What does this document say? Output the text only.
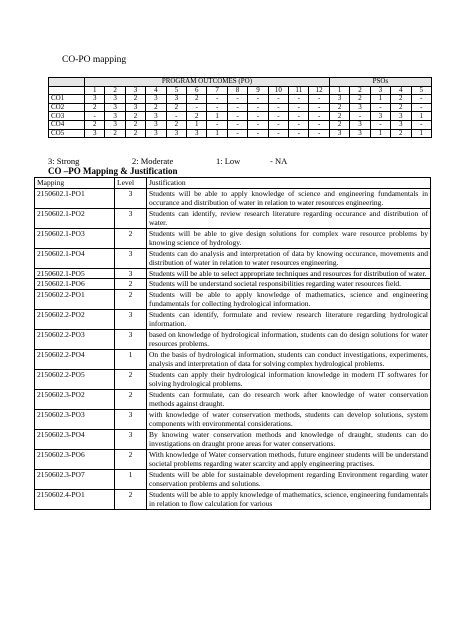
CO-PO mapping
	PROGRAM OUTCOMES (PO)												PSOs				
	1	2	3	4	5	6	7	8	9	10	11	12	1	2	3	4	5
CO1	3	3	2	3	3	2	-	-	-	-	-	-	3	2	1	2	-
CO2	2	3	3	2	2	-	-	-	-	-	-	-	2	3	-	2	-
CO3	-	3	2	3	-	2	1	-	-	-	-	-	2	-	3	3	1
CO4	2	3	2	3	2	1	-	-	-	-	-	-	2	3	-	3	-
CO5	3	2	2	3	3	3	1	-	-	-	-	-	3	3	1	2	1
3: Strong	2: Moderate	1: Low	- NA
CO –PO Mapping & Justification
Mapping	Level	Justification
2150602.1-PO1	3	Students will be able to apply knowledge of science and engineering fundamentals in occurance and distribution of water in relation to water resources engineering.
2150602.1-PO2	3	Students can identify, review research literature regarding occurance and distribution of water.
2150602.1-PO3	2	Students will be able to give design solutions for complex ware resource problems by knowing science of hydrology.
2150602.1-PO4	3	Students can do analysis and interpretation of data by knowing occurance, movements and distribution of water in relation to water resources engineering.
2150602.1-PO5	3	Students will be able to select appropriate techniques and resources for distribution of water.
2150602.1-PO6	2	Students will be understand societal responsibilities regarding water resources field.
2150602.2-PO1	2	Students will be able to apply knowledge of mathematics, science and engineering fundamentals for collecting hydrological information.
2150602.2-PO2	3	Students can identify, formulate and review research literature regarding hydrological information.
2150602.2-PO3	3	based on knowledge of hydrological information, students can do design solutions for water resources problems.
2150602.2-PO4	1	On the basis of hydrological information, students can conduct investigations, experiments, analysis and interpretation of data for solving complex hydrological problems.
2150602.2-PO5	2	Students can apply their hydrological information knowledge in modern IT softwares for solving hydrological problems.
2150602.3-PO2	2	Students can formulate, can do research work after knowledge of water conservation methods against draught.
2150602.3-PO3	3	with knowledge of water conservation methods, students can develop solutions, system components with environmental considerations.
2150602.3-PO4	3	By knowing water conservation methods and knowledge of draught, students can do investigations on draught prone areas for water conservations.
2150602.3-PO6	2	With knowledge of Water conservation methods, future engineer students will be understand societal problems regarding water scarcity and apply engineering practises.
2150602.3-PO7	1	Students will be able for sustainable development regarding Environment regarding water conservation problems and solutions.
2150602.4-PO1	2	Students will be able to apply knowledge of mathematics, science, engineering fundamentals in relation to flow calculation for various
